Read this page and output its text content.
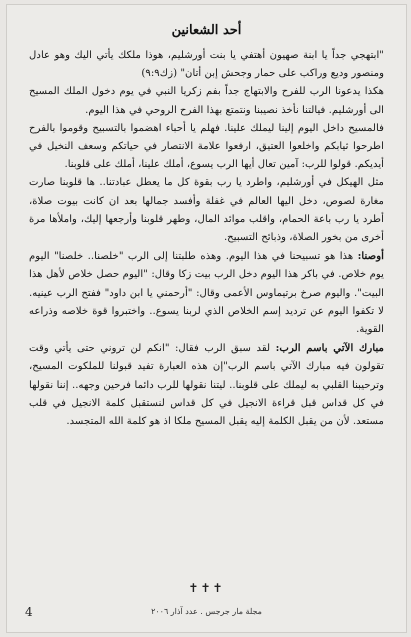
أحد الشعانين

"ابتهجي جداً يا ابنة صهيون أهتفي يا بنت أورشليم، هوذا ملكك يأتي اليك وهو عادل ومنصور وديع وراكب على حمار وجحش إبن أتان" (زك٩:٩)

هكذا يدعونا الرب للفرح والابتهاج جداً بفم زكريا النبي في يوم دخول الملك المسيح الى أورشليم. فيالتنا نأخذ نصيبنا ونتمتع بهذا الفرح الروحي في هذا اليوم.

فالمسيح داخل اليوم إلينا ليملك علينا. فهلم يا أحباء اهضموا بالتسبيح وقوموا بالفرح اطرحوا ثيابكم واخلعوا العتيق، ارفعوا علامة الانتصار في حياتكم وسعف النخيل في أيديكم. قولوا للرب: آمين تعال أيها الرب يسوع، أملك علينا، أملك على قلوبنا.

مثل الهيكل في أورشليم، واطرد يا رب بقوة كل ما يعطل عبادتنا.. ها قلوبنا صارت مغارة لصوص، دخل اليها العالم في غفلة وأفسد جمالها بعد ان كانت بيوت صلاة، أطرد يا رب باعة الحمام، واقلب موائد المال، وطهر قلوبنا وأرجعها إليك، واملأها مرة أخرى من بخور الصلاة، وذبائح التسبيح.

أوصنا: هذا هو تسبيحنا في هذا اليوم. وهذه طلبتنا إلى الرب "خلصنا.. خلصنا" اليوم يوم خلاص. في باكر هذا اليوم دخل الرب بيت زكا وقال: "اليوم حصل خلاص لأهل هذا البيت". واليوم صرخ برتيماوس الأعمى وقال: "أرحمني يا ابن داود" ففتح الرب عينيه. لا تكفوا اليوم عن ترديد إسم الخلاص الذي لربنا يسوع.. واختبروا قوة خلاصه وذراعه القوية.

مبارك الآتي باسم الرب: لقد سبق الرب فقال: "انكم لن تروني حتى يأتي وقت تقولون فيه مبارك الآتي باسم الرب"إن هذه العبارة تفيد قبولنا للملكوت المسيح، وترحيبنا القلبي به ليملك على قلوبنا.. ليتنا نقولها للرب دائما فرحين وجهه.. إننا نقولها في كل قداس قبل قراءة الانجيل في كل قداس لنستقبل كلمة الانجيل في قلب مستعد. لأن من يقبل الكلمة إليه يقبل المسيح ملكا اذ هو كلمة الله المتجسد.

✝✝✝
4	مجلة مار جرجس . عدد آذار ٢٠٠٦
